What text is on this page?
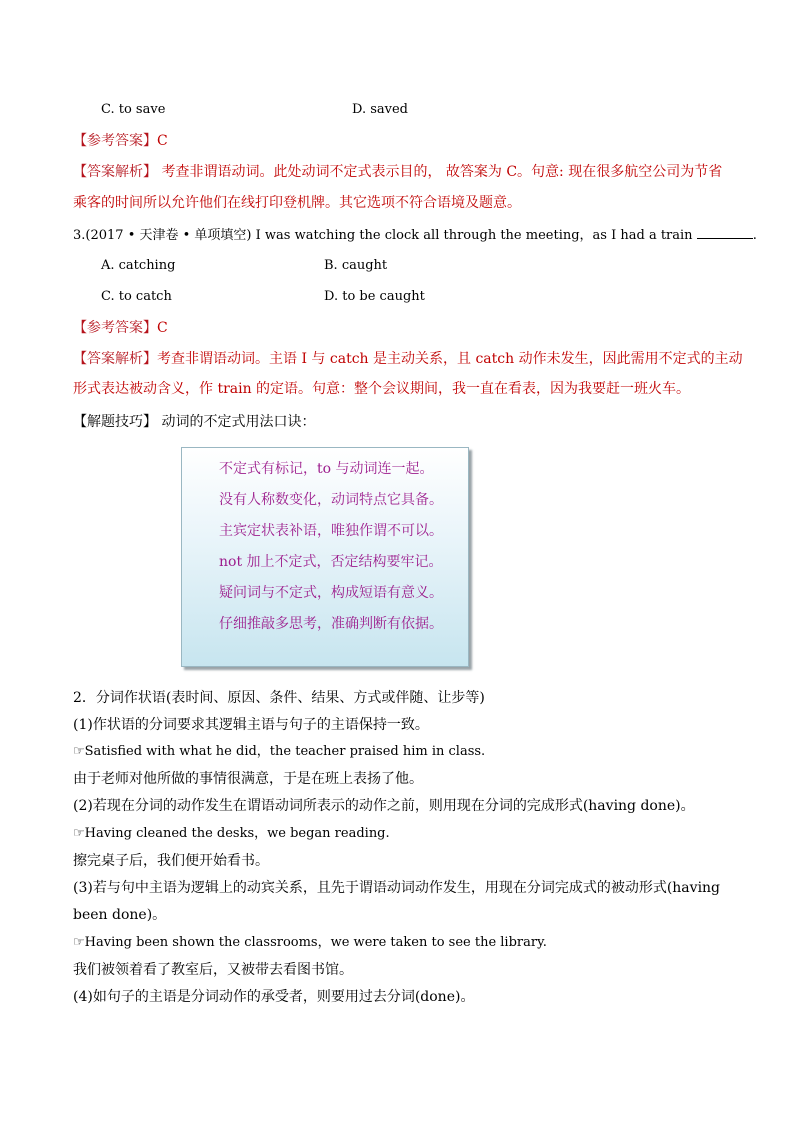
C. to save	D. saved
【参考答案】C
【答案解析】 考查非谓语动词。此处动词不定式表示目的， 故答案为 C。句意: 现在很多航空公司为节省
乘客的时间所以允许他们在线打印登机牌。其它选项不符合语境及题意。
3.(2017 • 天津卷 • 单项填空) I was watching the clock all through the meeting，as I had a train	.
A. catching	B. caught
C. to catch	D. to be caught
【参考答案】C
【答案解析】考查非谓语动词。主语 I 与 catch 是主动关系，且 catch 动作未发生，因此需用不定式的主动
形式表达被动含义，作 train 的定语。句意：整个会议期间，我一直在看表，因为我要赶一班火车。
【解题技巧】 动词的不定式用法口诀：
不定式有标记，to 与动词连一起。
没有人称数变化，动词特点它具备。
主宾定状表补语，唯独作谓不可以。
not 加上不定式，否定结构要牢记。
疑问词与不定式，构成短语有意义。
仔细推敲多思考，准确判断有依据。
2．分词作状语(表时间、原因、条件、结果、方式或伴随、让步等)
(1)作状语的分词要求其逻辑主语与句子的主语保持一致。
☞Satisfied with what he did，the teacher praised him in class.
由于老师对他所做的事情很满意，于是在班上表扬了他。
(2)若现在分词的动作发生在谓语动词所表示的动作之前，则用现在分词的完成形式(having done)。
☞Having cleaned the desks，we began reading.
擦完桌子后，我们便开始看书。
(3)若与句中主语为逻辑上的动宾关系，且先于谓语动词动作发生，用现在分词完成式的被动形式(having
been done)。
☞Having been shown the classrooms，we were taken to see the library.
我们被领着看了教室后，又被带去看图书馆。
(4)如句子的主语是分词动作的承受者，则要用过去分词(done)。
